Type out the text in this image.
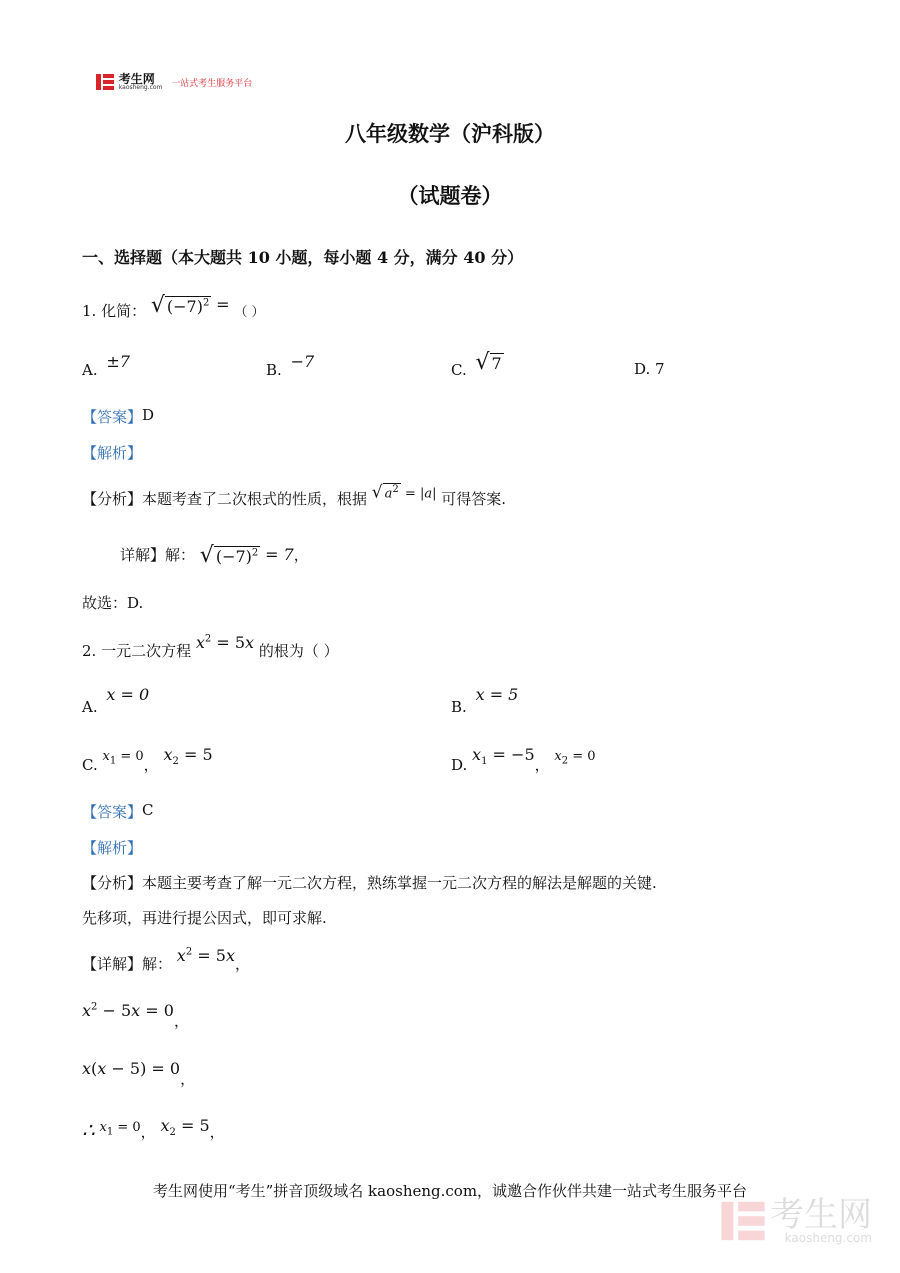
考生网
kaosheng.com 一站式考生服务平台
八年级数学（沪科版）
（试题卷）
一、选择题（本大题共 10 小题，每小题 4 分，满分 40 分）
1. 化简： √ $(-7)^2$ = （ ）
A. ±7	B. −7	C. √ 7	D. 7
【答案】D
【解析】
【分析】本题考查了二次根式的性质，根据 √ $a^2 = |a|$ 可得答案.
详解】解： √ $(-7)^2 = 7$，
故选：D.
2. 一元二次方程 $x^2 = 5x$ 的根为（ ）
A. x = 0
B. x = 5
C. $x_1 = 0$， $x_2 = 5$
D. $x_1 = -5$， $x_2 = 0$
【答案】C
【解析】
【分析】本题主要考查了解一元二次方程，熟练掌握一元二次方程的解法是解题的关键.
先移项，再进行提公因式，即可求解.
【详解】解： $x^2 = 5x$，
$x^2 - 5x = 0$，
x(x − 5) = 0，
∴ $x_1 = 0$， $x_2 = 5$，
考生网使用“考生”拼音顶级域名 kaosheng.com，诚邀合作伙伴共建一站式考生服务平台

考生网
kaosheng.com
